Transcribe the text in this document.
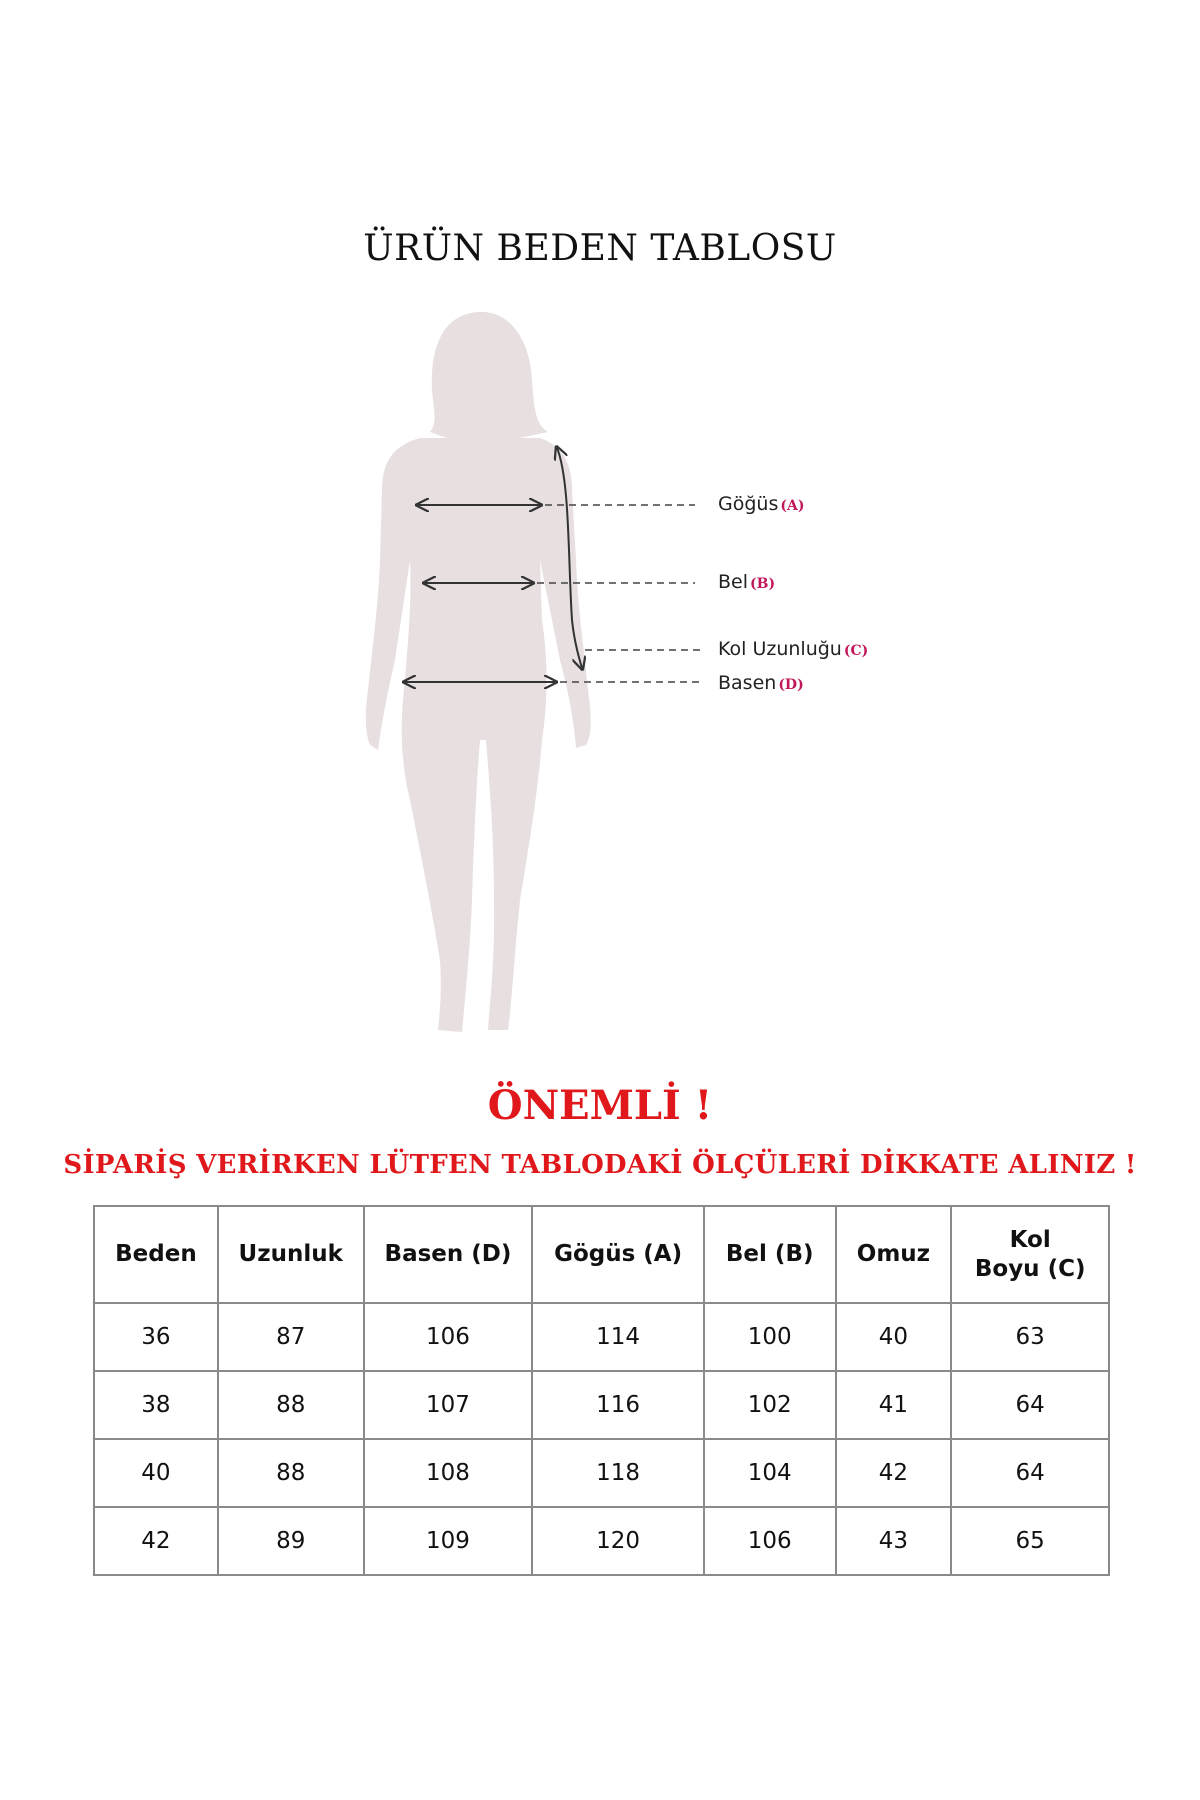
ÜRÜN BEDEN TABLOSU
Göğüs (A)
Bel (B)
Kol Uzunluğu (C)
Basen (D)
ÖNEMLİ !
SİPARİŞ VERİRKEN LÜTFEN TABLODAKİ ÖLÇÜLERİ DİKKATE ALINIZ !
Beden	Uzunluk	Basen (D)	Gögüs (A)	Bel (B)	Omuz	Kol
Boyu (C)
36	87	106	114	100	40	63
38	88	107	116	102	41	64
40	88	108	118	104	42	64
42	89	109	120	106	43	65
